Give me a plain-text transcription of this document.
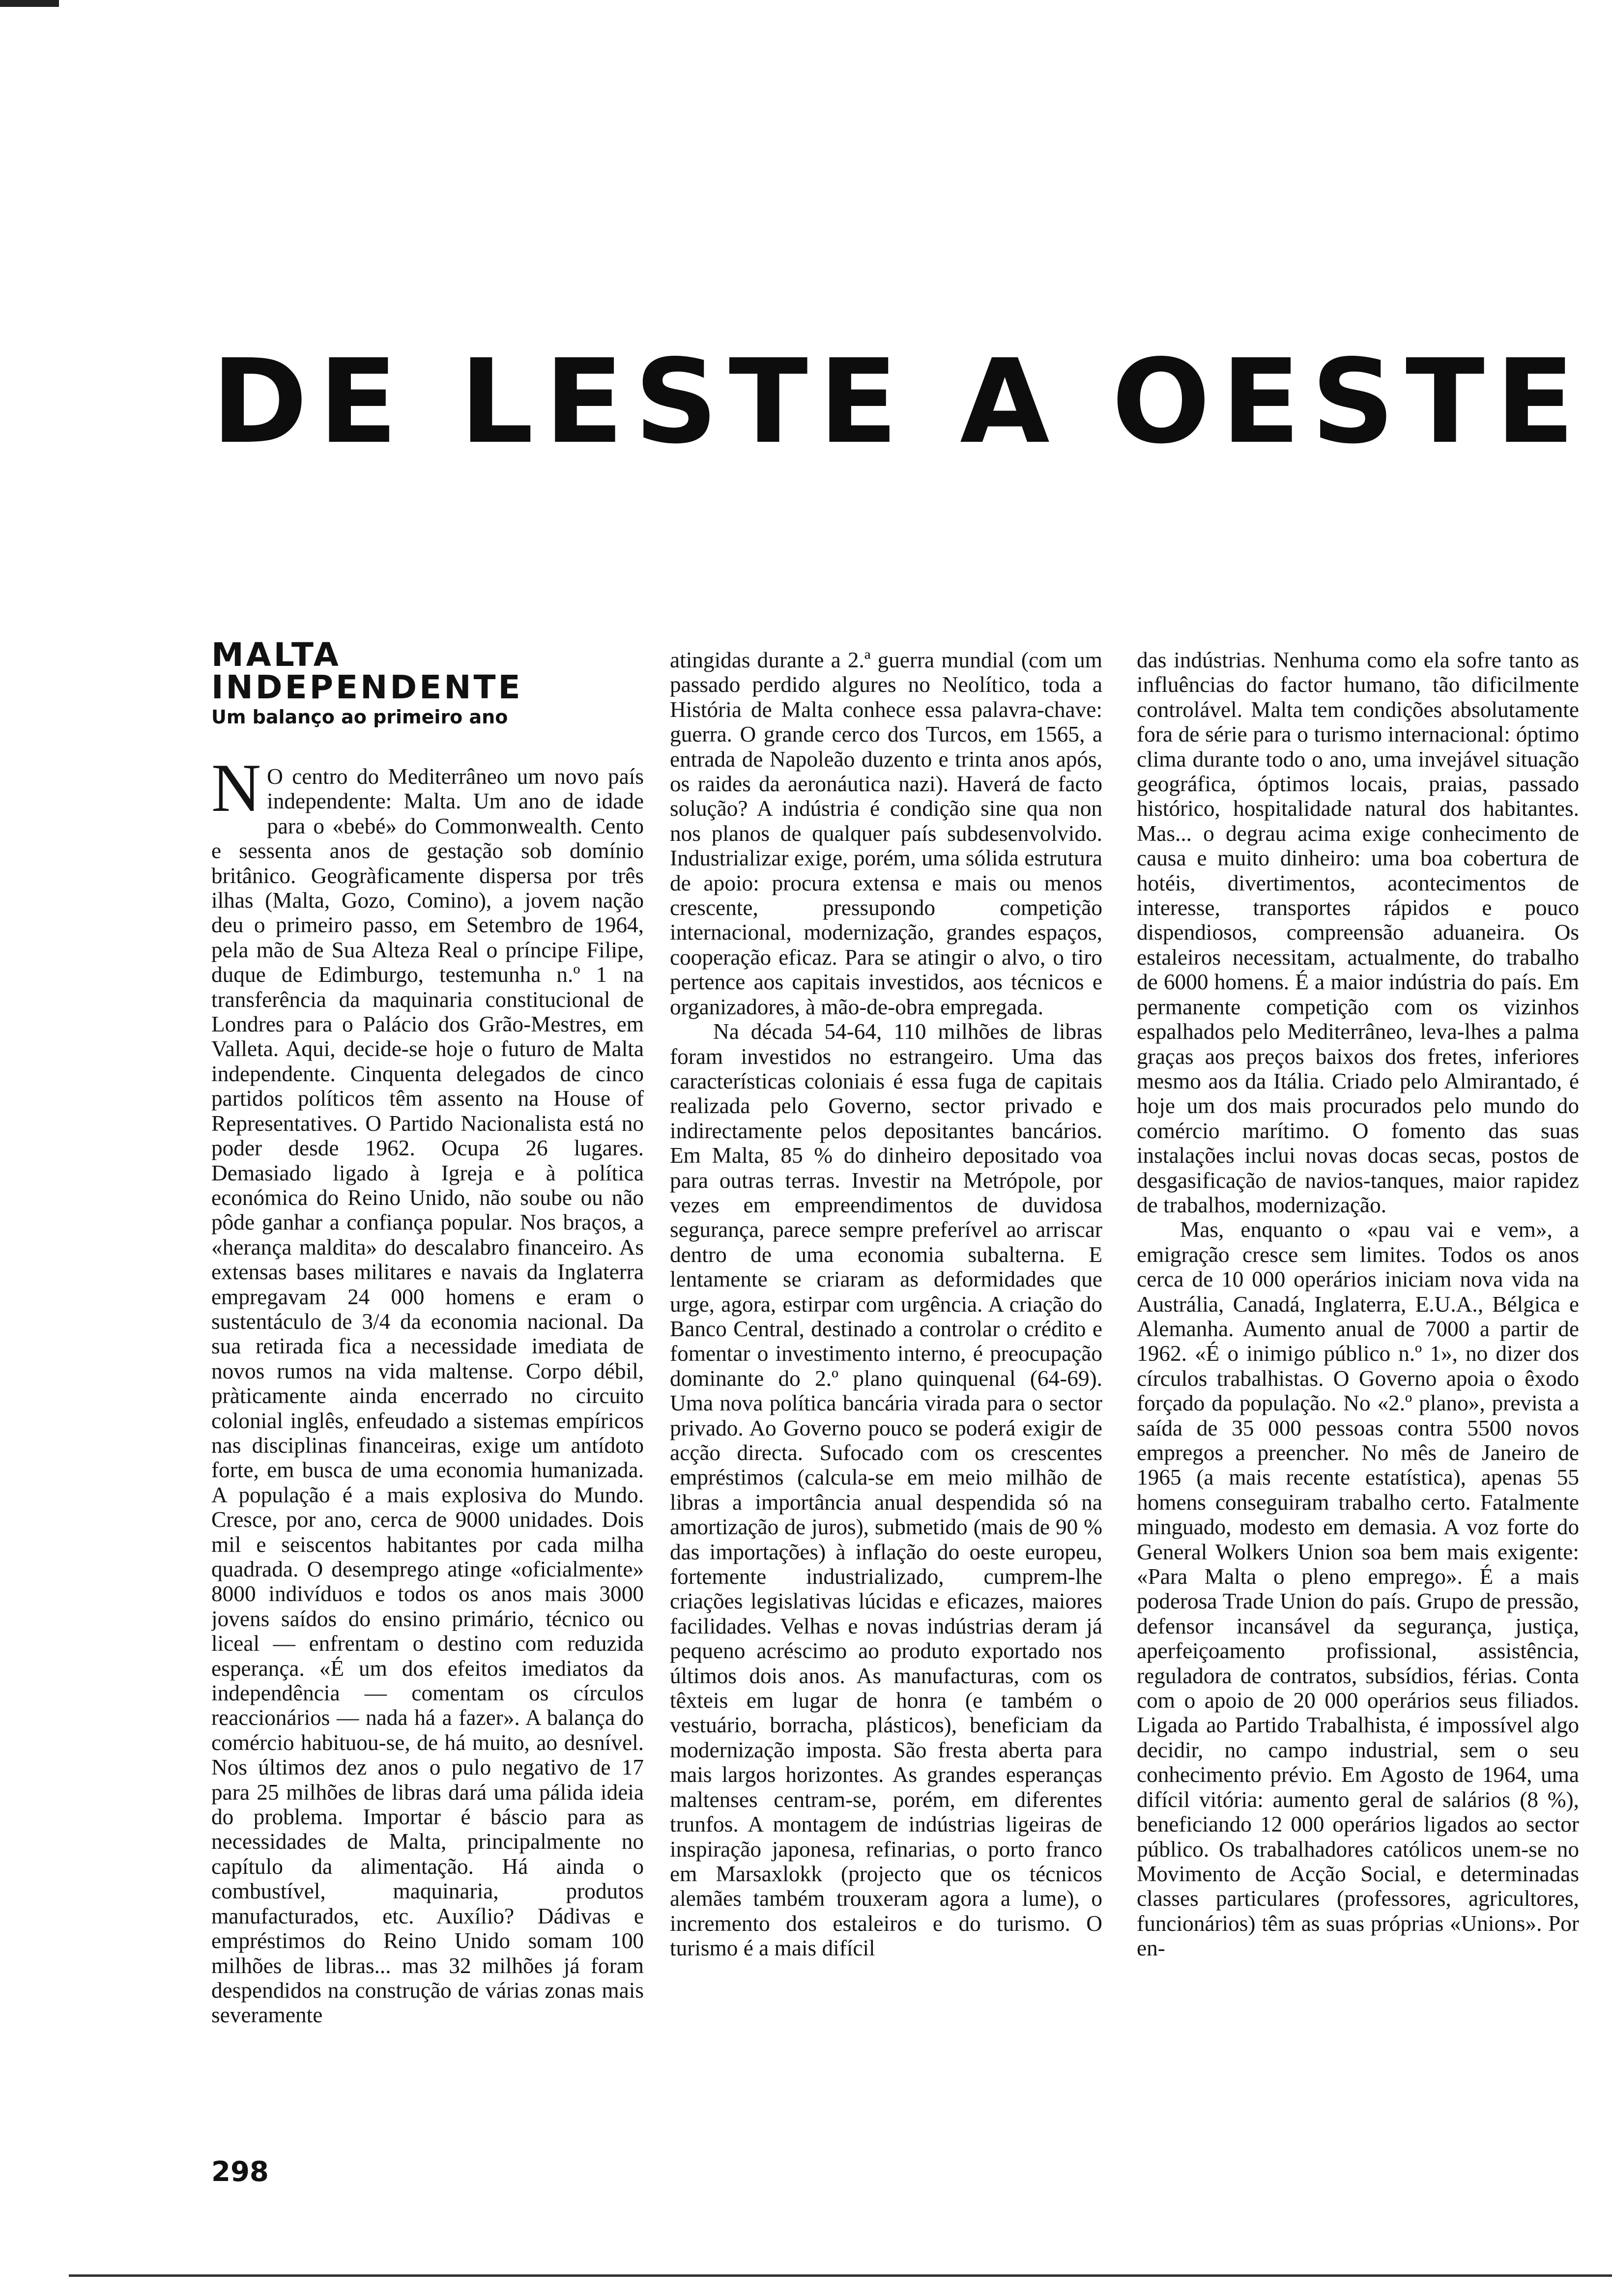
DE LESTE A OESTE
MALTA INDEPENDENTE
Um balanço ao primeiro ano

N O centro do Mediterrâneo um novo país independente: Malta. Um ano de idade para o «bebé» do Commonwealth. Cento e sessenta anos de gestação sob domínio britânico. Geogràficamente dispersa por três ilhas (Malta, Gozo, Comino), a jovem nação deu o primeiro passo, em Setembro de 1964, pela mão de Sua Alteza Real o príncipe Filipe, duque de Edimburgo, testemunha n.º 1 na transferência da maquinaria constitucional de Londres para o Palácio dos Grão-Mestres, em Valleta. Aqui, decide-se hoje o futuro de Malta independente. Cinquenta delegados de cinco partidos políticos têm assento na House of Representatives. O Partido Nacionalista está no poder desde 1962. Ocupa 26 lugares. Demasiado ligado à Igreja e à política económica do Reino Unido, não soube ou não pôde ganhar a confiança popular. Nos braços, a «herança maldita» do descalabro financeiro. As extensas bases militares e navais da Inglaterra empregavam 24 000 homens e eram o sustentáculo de 3/4 da economia nacional. Da sua retirada fica a necessidade imediata de novos rumos na vida maltense. Corpo débil, pràticamente ainda encerrado no circuito colonial inglês, enfeudado a sistemas empíricos nas disciplinas financeiras, exige um antídoto forte, em busca de uma economia humanizada. A população é a mais explosiva do Mundo. Cresce, por ano, cerca de 9000 unidades. Dois mil e seiscentos habitantes por cada milha quadrada. O desemprego atinge «oficialmente» 8000 indivíduos e todos os anos mais 3000 jovens saídos do ensino primário, técnico ou liceal — enfrentam o destino com reduzida esperança. «É um dos efeitos imediatos da independência — comentam os círculos reaccionários — nada há a fazer». A balança do comércio habituou-se, de há muito, ao desnível. Nos últimos dez anos o pulo negativo de 17 para 25 milhões de libras dará uma pálida ideia do problema. Importar é báscio para as necessidades de Malta, principalmente no capítulo da alimentação. Há ainda o combustível, maquinaria, produtos manufacturados, etc. Auxílio? Dádivas e empréstimos do Reino Unido somam 100 milhões de libras... mas 32 milhões já foram despendidos na construção de várias zonas mais severamente

atingidas durante a 2.ª guerra mundial (com um passado perdido algures no Neolítico, toda a História de Malta conhece essa palavra-chave: guerra. O grande cerco dos Turcos, em 1565, a entrada de Napoleão duzento e trinta anos após, os raides da aeronáutica nazi). Haverá de facto solução? A indústria é condição sine qua non nos planos de qualquer país subdesenvolvido. Industrializar exige, porém, uma sólida estrutura de apoio: procura extensa e mais ou menos crescente, pressupondo competição internacional, modernização, grandes espaços, cooperação eficaz. Para se atingir o alvo, o tiro pertence aos capitais investidos, aos técnicos e organizadores, à mão-de-obra empregada.

Na década 54-64, 110 milhões de libras foram investidos no estrangeiro. Uma das características coloniais é essa fuga de capitais realizada pelo Governo, sector privado e indirectamente pelos depositantes bancários. Em Malta, 85 % do dinheiro depositado voa para outras terras. Investir na Metrópole, por vezes em empreendimentos de duvidosa segurança, parece sempre preferível ao arriscar dentro de uma economia subalterna. E lentamente se criaram as deformidades que urge, agora, estirpar com urgência. A criação do Banco Central, destinado a controlar o crédito e fomentar o investimento interno, é preocupação dominante do 2.º plano quinquenal (64-69). Uma nova política bancária virada para o sector privado. Ao Governo pouco se poderá exigir de acção directa. Sufocado com os crescentes empréstimos (calcula-se em meio milhão de libras a importância anual despendida só na amortização de juros), submetido (mais de 90 % das importações) à inflação do oeste europeu, fortemente industrializado, cumprem-lhe criações legislativas lúcidas e eficazes, maiores facilidades. Velhas e novas indústrias deram já pequeno acréscimo ao produto exportado nos últimos dois anos. As manufacturas, com os têxteis em lugar de honra (e também o vestuário, borracha, plásticos), beneficiam da modernização imposta. São fresta aberta para mais largos horizontes. As grandes esperanças maltenses centram-se, porém, em diferentes trunfos. A montagem de indústrias ligeiras de inspiração japonesa, refinarias, o porto franco em Marsaxlokk (projecto que os técnicos alemães também trouxeram agora a lume), o incremento dos estaleiros e do turismo. O turismo é a mais difícil

das indústrias. Nenhuma como ela sofre tanto as influências do factor humano, tão dificilmente controlável. Malta tem condições absolutamente fora de série para o turismo internacional: óptimo clima durante todo o ano, uma invejável situação geográfica, óptimos locais, praias, passado histórico, hospitalidade natural dos habitantes. Mas... o degrau acima exige conhecimento de causa e muito dinheiro: uma boa cobertura de hotéis, divertimentos, acontecimentos de interesse, transportes rápidos e pouco dispendiosos, compreensão aduaneira. Os estaleiros necessitam, actualmente, do trabalho de 6000 homens. É a maior indústria do país. Em permanente competição com os vizinhos espalhados pelo Mediterrâneo, leva-lhes a palma graças aos preços baixos dos fretes, inferiores mesmo aos da Itália. Criado pelo Almirantado, é hoje um dos mais procurados pelo mundo do comércio marítimo. O fomento das suas instalações inclui novas docas secas, postos de desgasificação de navios-tanques, maior rapidez de trabalhos, modernização.

Mas, enquanto o «pau vai e vem», a emigração cresce sem limites. Todos os anos cerca de 10 000 operários iniciam nova vida na Austrália, Canadá, Inglaterra, E.U.A., Bélgica e Alemanha. Aumento anual de 7000 a partir de 1962. «É o inimigo público n.º 1», no dizer dos círculos trabalhistas. O Governo apoia o êxodo forçado da população. No «2.º plano», prevista a saída de 35 000 pessoas contra 5500 novos empregos a preencher. No mês de Janeiro de 1965 (a mais recente estatística), apenas 55 homens conseguiram trabalho certo. Fatalmente minguado, modesto em demasia. A voz forte do General Wolkers Union soa bem mais exigente: «Para Malta o pleno emprego». É a mais poderosa Trade Union do país. Grupo de pressão, defensor incansável da segurança, justiça, aperfeiçoamento profissional, assistência, reguladora de contratos, subsídios, férias. Conta com o apoio de 20 000 operários seus filiados. Ligada ao Partido Trabalhista, é impossível algo decidir, no campo industrial, sem o seu conhecimento prévio. Em Agosto de 1964, uma difícil vitória: aumento geral de salários (8 %), beneficiando 12 000 operários ligados ao sector público. Os trabalhadores católicos unem-se no Movimento de Acção Social, e determinadas classes particulares (professores, agricultores, funcionários) têm as suas próprias «Unions». Por en-

298
